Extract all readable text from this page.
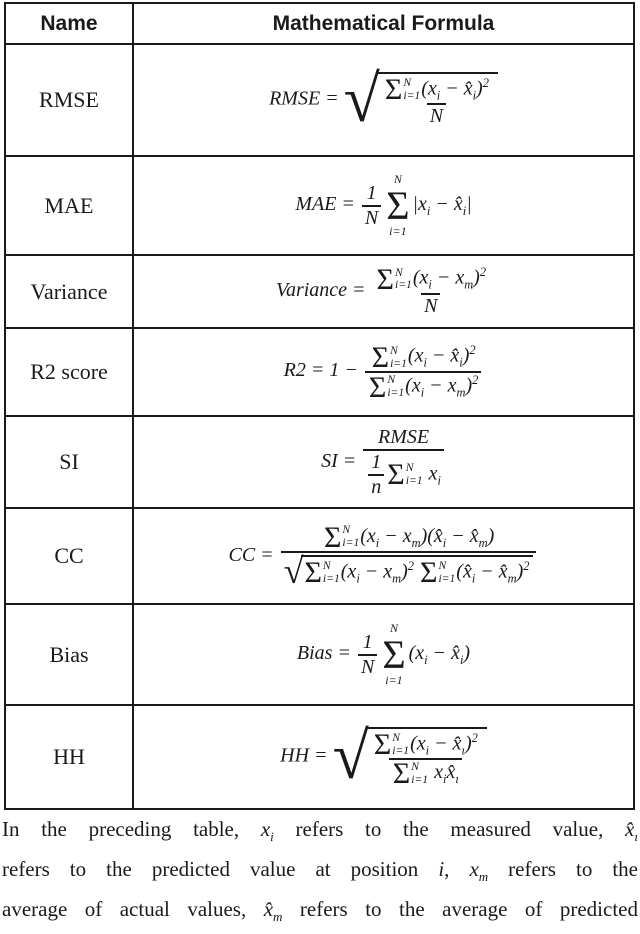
Name	Mathematical Formula
RMSE	RMSE = √ Σ N
i=1 ($x_i$ − $x̂_i)^2$
N

MAE	MAE = $\frac{1}{N}$
N
Σ
i=1
$|x_i$ − $x̂_i|$
Variance	Variance = Σ N
i=1 $(x_i - x_m)^2$
N

R2 score	R2 = 1 − Σ N
i=1 ($x_i$ − $x̂_i)^2$
Σ N
i=1 $(x_i - x_m)^2$

SI	SI = RMSE
$\frac{1}{n}$ Σ N
i=1 $x_i$

CC	CC = Σ N
i=1 ($x_i$ − $x_m)(x̂_i$ − $x̂_m$)
√ Σ N
i=1 $(x_i - x_m)^2$ Σ N
i=1 ($x̂_i$ − $x̂_m)^2$

Bias	Bias = $\frac{1}{N}$
N
Σ
i=1
($x_i$ − $x̂_i$)
HH	HH = √ Σ N
i=1 ($x_i$ − $x̂_ı)^2$
Σ N
i=1 $x_ix̂_ı$
In the preceding table, $x_i$ refers to the measured value, $x̂_ı$
refers to the predicted value at position i, $x_m$ refers to the
average of actual values, $x̂_m$ refers to the average of predicted
